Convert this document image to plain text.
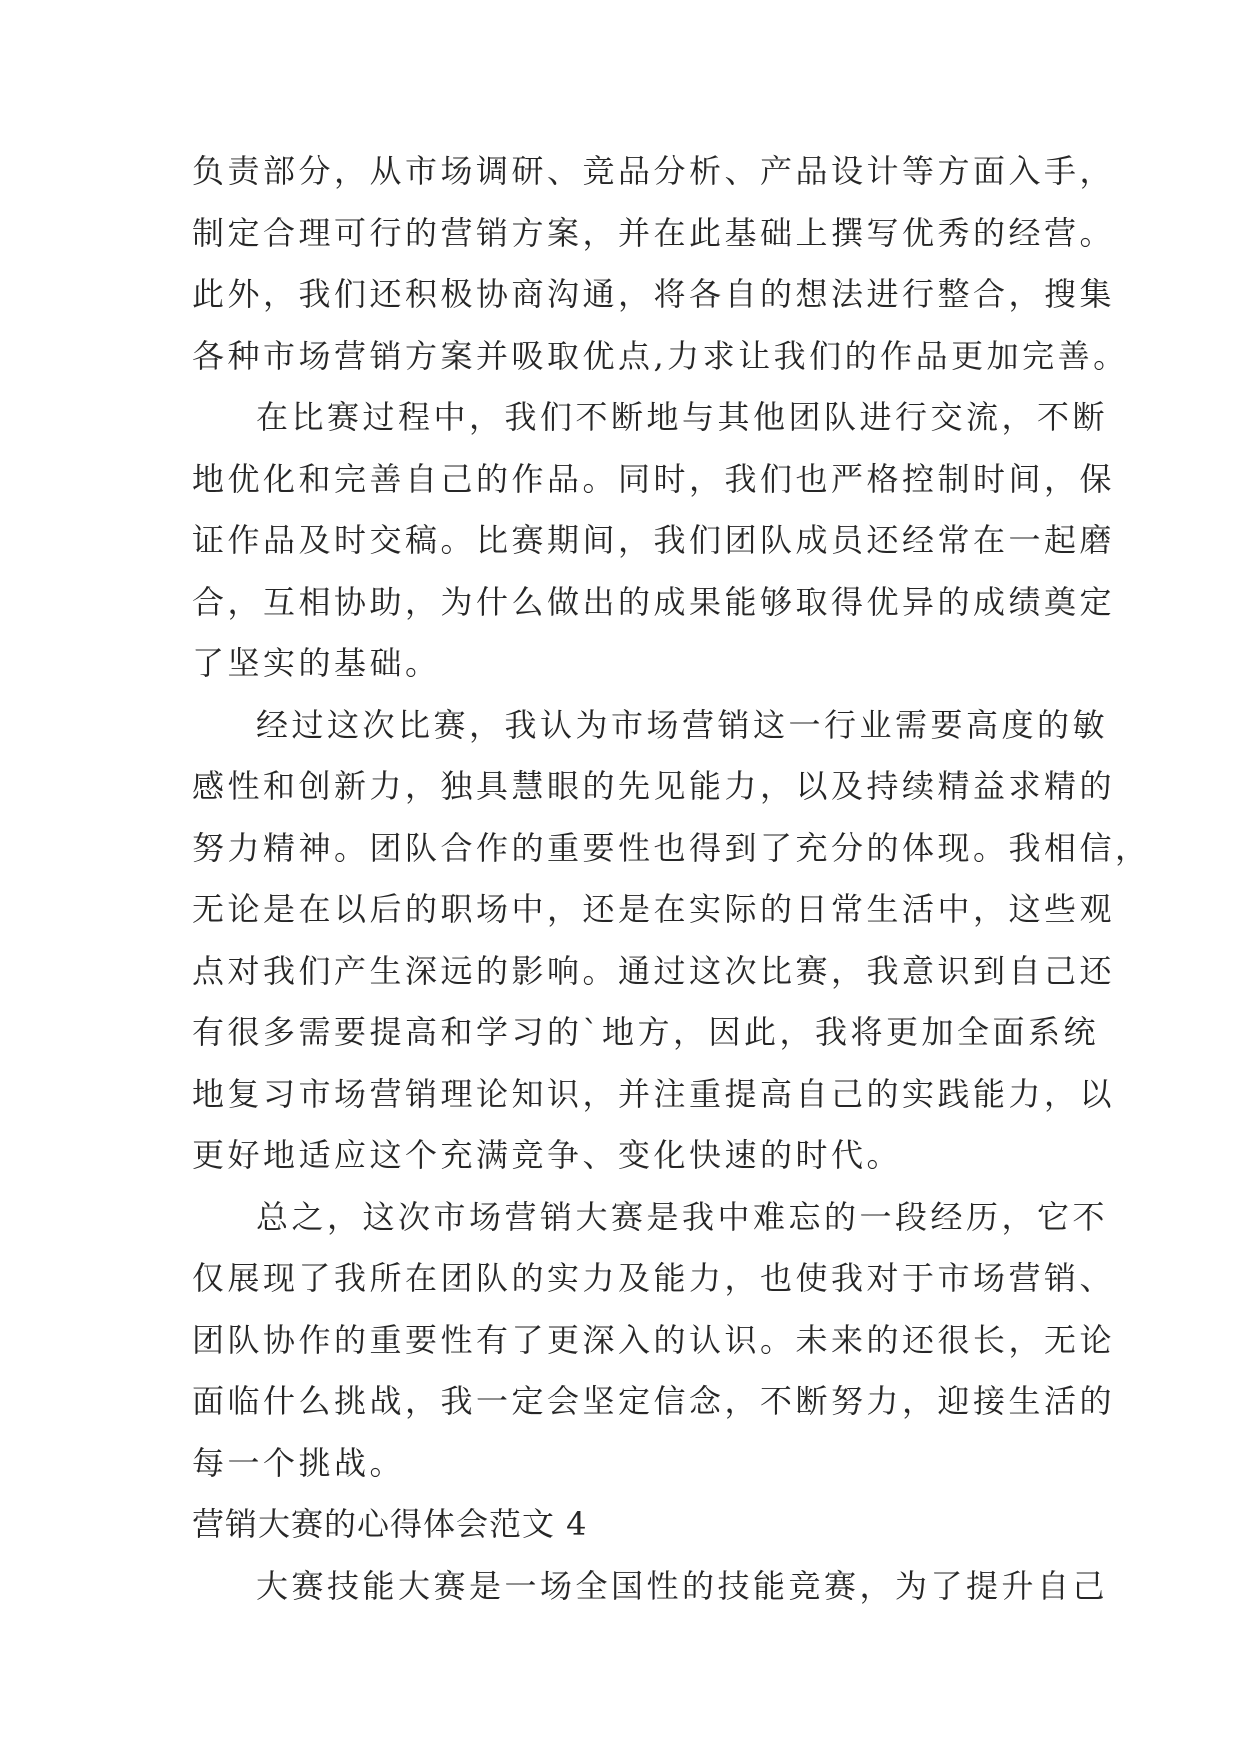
负责部分，从市场调研、竞品分析、产品设计等方面入手，
制定合理可行的营销方案，并在此基础上撰写优秀的经营。
此外，我们还积极协商沟通，将各自的想法进行整合，搜集
各种市场营销方案并吸取优点,力求让我们的作品更加完善。
在比赛过程中，我们不断地与其他团队进行交流，不断
地优化和完善自己的作品。同时，我们也严格控制时间，保
证作品及时交稿。比赛期间，我们团队成员还经常在一起磨
合，互相协助，为什么做出的成果能够取得优异的成绩奠定
了坚实的基础。
经过这次比赛，我认为市场营销这一行业需要高度的敏
感性和创新力，独具慧眼的先见能力，以及持续精益求精的
努力精神。团队合作的重要性也得到了充分的体现。我相信，
无论是在以后的职场中，还是在实际的日常生活中，这些观
点对我们产生深远的影响。通过这次比赛，我意识到自己还
有很多需要提高和学习的`地方，因此，我将更加全面系统
地复习市场营销理论知识，并注重提高自己的实践能力，以
更好地适应这个充满竞争、变化快速的时代。
总之，这次市场营销大赛是我中难忘的一段经历，它不
仅展现了我所在团队的实力及能力，也使我对于市场营销、
团队协作的重要性有了更深入的认识。未来的还很长，无论
面临什么挑战，我一定会坚定信念，不断努力，迎接生活的
每一个挑战。
营销大赛的心得体会范文 4
大赛技能大赛是一场全国性的技能竞赛，为了提升自己
